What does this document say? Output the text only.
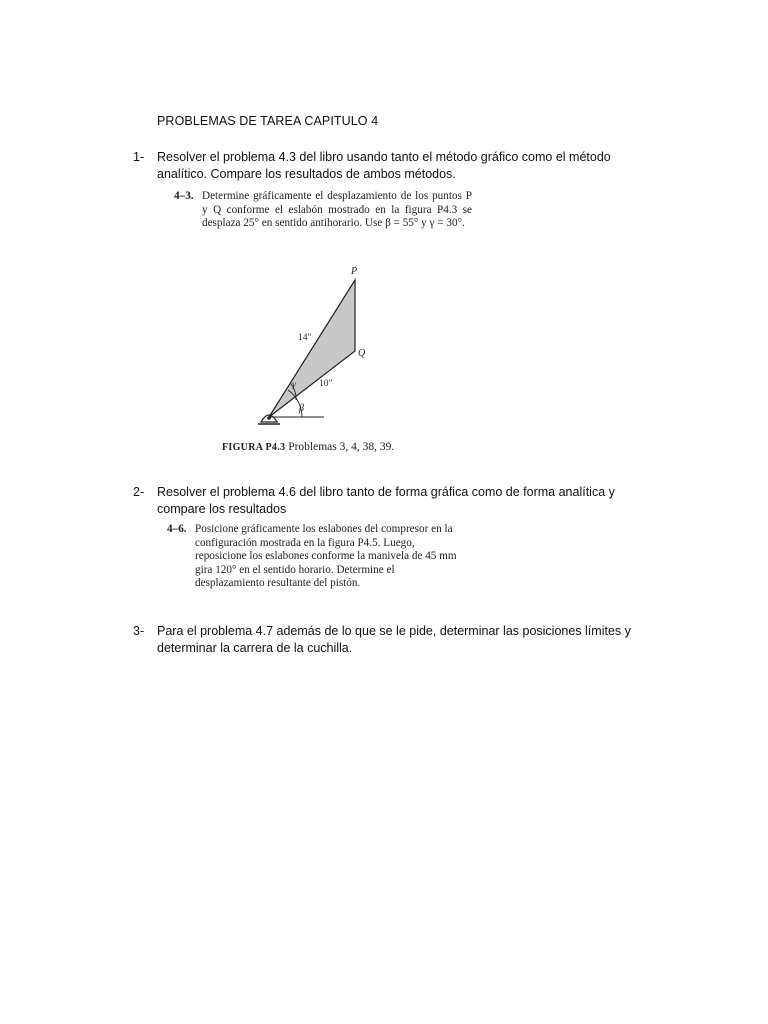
PROBLEMAS DE TAREA CAPITULO 4
1- Resolver el problema 4.3 del libro usando tanto el método gráfico como el método analítico. Compare los resultados de ambos métodos.
4–3. Determine gráficamente el desplazamiento de los puntos P y Q conforme el eslabón mostrado en la figura P4.3 se desplaza 25° en sentido antihorario. Use β = 55° y γ = 30°.
P
Q
14"
10"
γ
β
FIGURA P4.3 Problemas 3, 4, 38, 39.
2- Resolver el problema 4.6 del libro tanto de forma gráfica como de forma analítica y compare los resultados
4–6. Posicione gráficamente los eslabones del compresor en la configuración mostrada en la figura P4.5. Luego, reposicione los eslabones conforme la manivela de 45 mm gira 120° en el sentido horario. Determine el desplazamiento resultante del pistón.
3- Para el problema 4.7 además de lo que se le pide, determinar las posiciones límites y determinar la carrera de la cuchilla.
